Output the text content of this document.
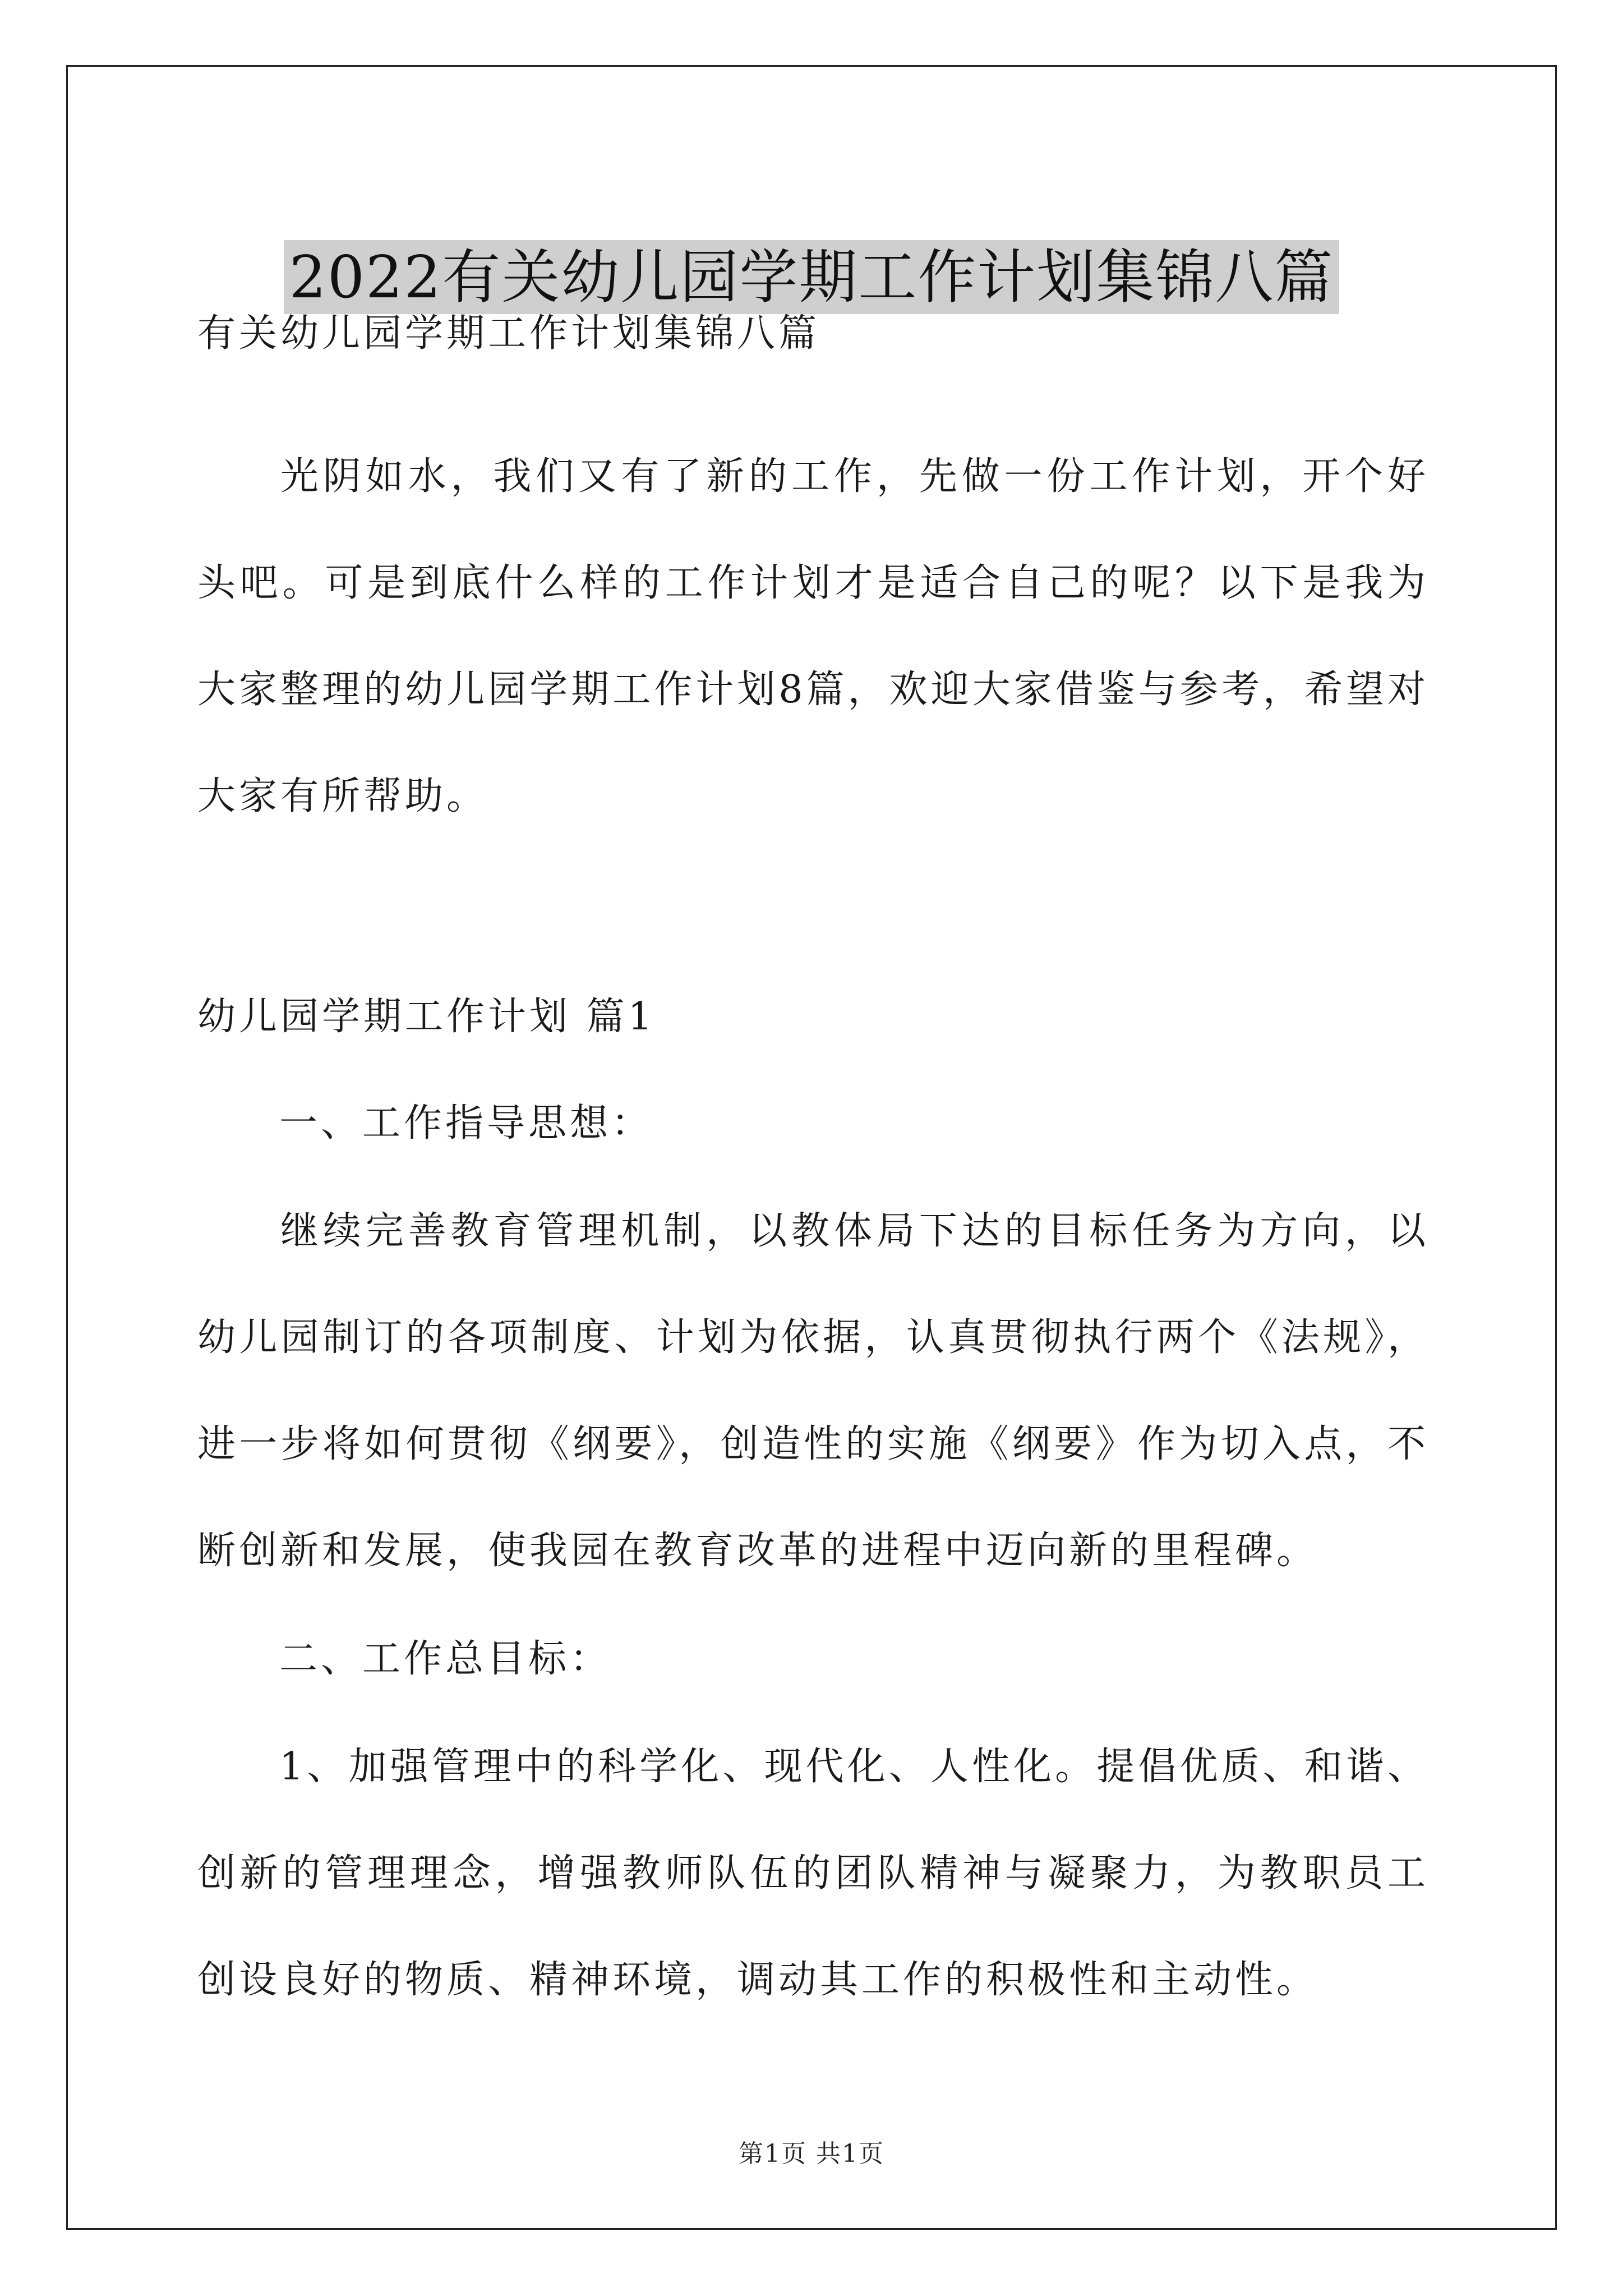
2022有关幼儿园学期工作计划集锦八篇
有关幼儿园学期工作计划集锦八篇
光阴如水，我们又有了新的工作，先做一份工作计划，开个好头吧。可是到底什么样的工作计划才是适合自己的呢？以下是我为大家整理的幼儿园学期工作计划8篇，欢迎大家借鉴与参考，希望对大家有所帮助。
幼儿园学期工作计划 篇1
一、工作指导思想：
继续完善教育管理机制，以教体局下达的目标任务为方向，以幼儿园制订的各项制度、计划为依据，认真贯彻执行两个《法规》，进一步将如何贯彻《纲要》，创造性的实施《纲要》作为切入点，不断创新和发展，使我园在教育改革的进程中迈向新的里程碑。
二、工作总目标：
1、加强管理中的科学化、现代化、人性化。提倡优质、和谐、创新的管理理念，增强教师队伍的团队精神与凝聚力，为教职员工创设良好的物质、精神环境，调动其工作的积极性和主动性。
第1页 共1页
